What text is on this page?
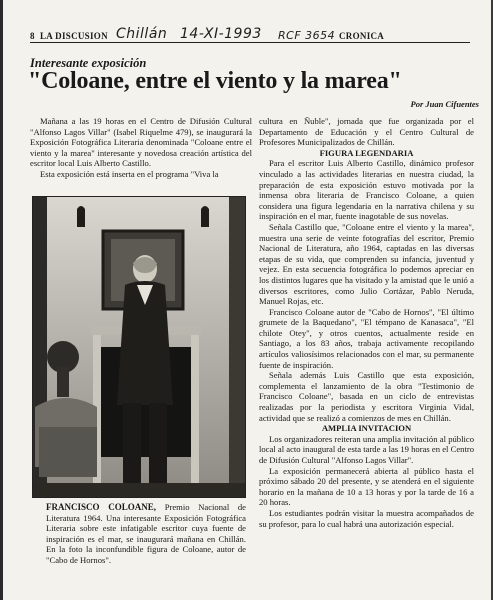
8 LA DISCUSION Chillán 14-XI-1993 RCF 3654 CRONICA
Interesante exposición
"Coloane, entre el viento y la marea"
Por Juan Cifuentes

Mañana a las 19 horas en el Centro de Difusión Cultural "Alfonso Lagos Villar" (Isabel Riquelme 479), se inaugurará la Exposición Fotográfica Literaria denominada "Coloane entre el viento y la marea" interesante y novedosa creación artística del escritor local Luis Alberto Castillo.

Esta exposición está inserta en el programa "Viva la

FRANCISCO COLOANE, Premio Nacional de Literatura 1964. Una interesante Exposición Fotográfica Literaria sobre este infatigable escritor cuya fuente de inspiración es el mar, se inaugurará mañana en Chillán. En la foto la inconfundible figura de Coloane, autor de "Cabo de Hornos".

cultura en Ñuble", jornada que fue organizada por el Departamento de Educación y el Centro Cultural de Profesores Municipalizados de Chillán.

FIGURA LEGENDARIA

Para el escritor Luis Alberto Castillo, dinámico profesor vinculado a las actividades literarias en nuestra ciudad, la preparación de esta exposición estuvo motivada por la inmensa obra literaria de Francisco Coloane, a quien considera una figura legendaria en la narrativa chilena y su inspiración en el mar, fuente inagotable de sus novelas.

Señala Castillo que, "Coloane entre el viento y la marea", muestra una serie de veinte fotografías del escritor, Premio Nacional de Literatura, año 1964, captadas en las diversas etapas de su vida, que comprenden su infancia, juventud y vejez. En esta secuencia fotográfica lo podemos apreciar en los distintos lugares que ha visitado y la amistad que le unió a diversos escritores, como Julio Cortázar, Pablo Neruda, Manuel Rojas, etc.

Francisco Coloane autor de "Cabo de Hornos", "El último grumete de la Baquedano", "El témpano de Kanasaca", "El chilote Otey", y otros cuentos, actualmente reside en Santiago, a los 83 años, trabaja activamente recopilando artículos valiosísimos relacionados con el mar, su permanente fuente de inspiración.

Señala además Luis Castillo que esta exposición, complementa el lanzamiento de la obra "Testimonio de Francisco Coloane", basada en un ciclo de entrevistas realizadas por la periodista y escritora Virginia Vidal, actividad que se realizó a comienzos de mes en Chillán.

AMPLIA INVITACION

Los organizadores reiteran una amplia invitación al público local al acto inaugural de esta tarde a las 19 horas en el Centro de Difusión Cultural "Alfonso Lagos Villar".

La exposición permanecerá abierta al público hasta el próximo sábado 20 del presente, y se atenderá en el siguiente horario en la mañana de 10 a 13 horas y por la tarde de 16 a 20 horas.

Los estudiantes podrán visitar la muestra acompañados de su profesor, para lo cual habrá una autorización especial.
